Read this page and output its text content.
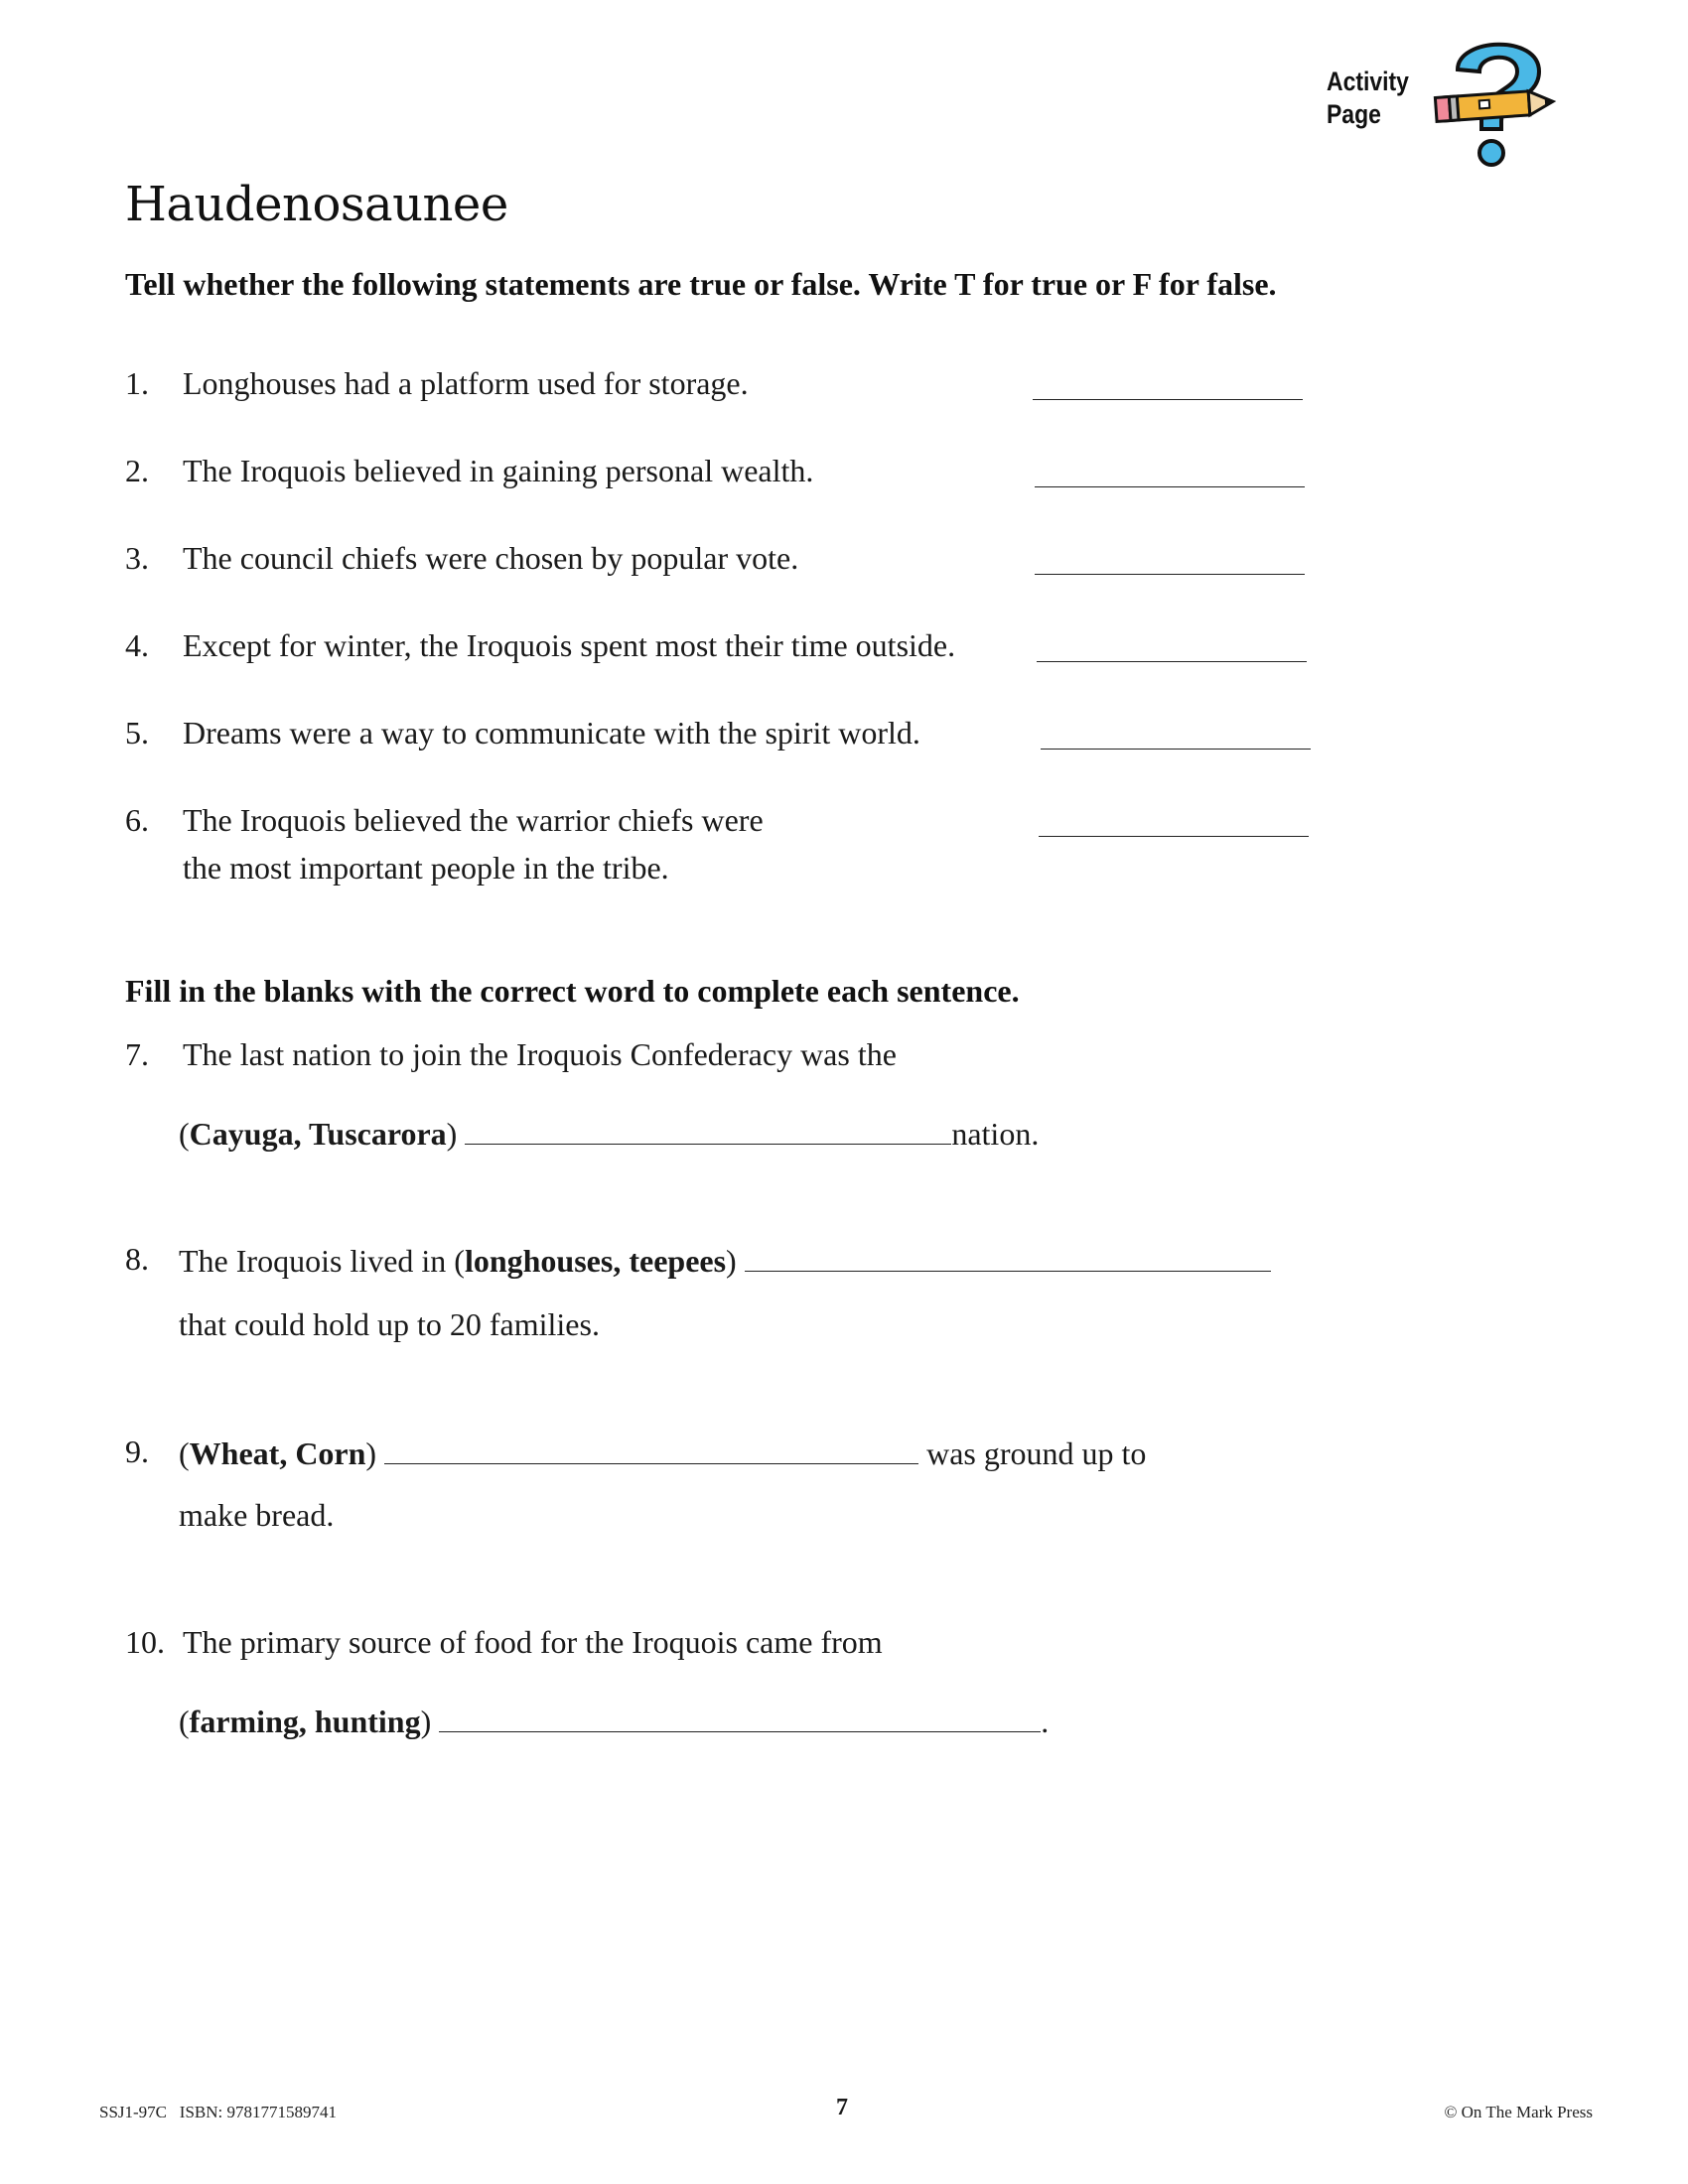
Activity
Page
Haudenosaunee
Tell whether the following statements are true or false. Write T for true or F for false.
1. Longhouses had a platform used for storage.
2. The Iroquois believed in gaining personal wealth.
3. The council chiefs were chosen by popular vote.
4. Except for winter, the Iroquois spent most their time outside.
5. Dreams were a way to communicate with the spirit world.
6. The Iroquois believed the warrior chiefs were
the most important people in the tribe.
Fill in the blanks with the correct word to complete each sentence.
7. The last nation to join the Iroquois Confederacy was the
(Cayuga, Tuscarora)	nation.
8. The Iroquois lived in (longhouses, teepees)
that could hold up to 20 families.
9. (Wheat, Corn)	was ground up to
make bread.
10. The primary source of food for the Iroquois came from
(farming, hunting)	.
SSJ1-97C ISBN: 9781771589741	7	© On The Mark Press
